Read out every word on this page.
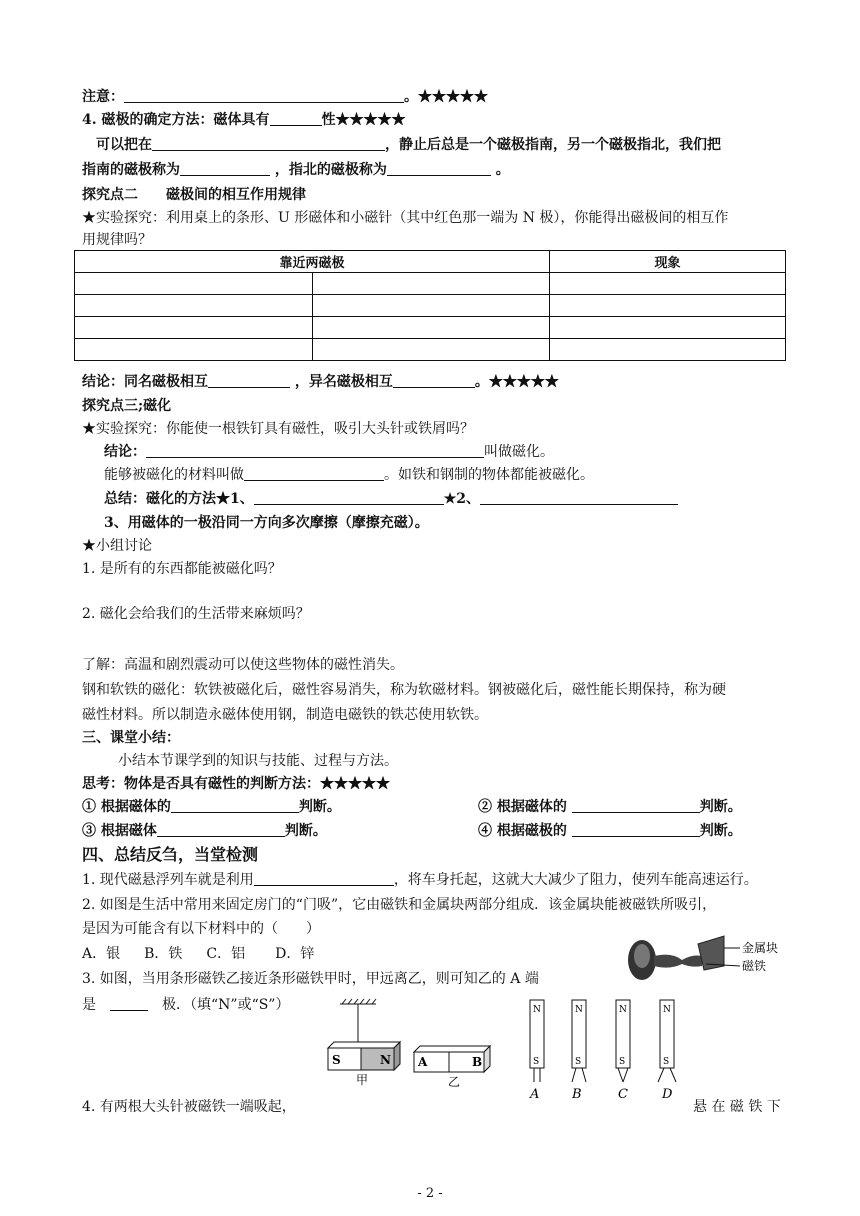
注意：	。★★★★★
4. 磁极的确定方法：磁体具有	性★★★★★
可以把在	，静止后总是一个磁极指南，另一个磁极指北，我们把
指南的磁极称为	，指北的磁极称为	。
探究点二　　磁极间的相互作用规律
★实验探究：利用桌上的条形、U 形磁体和小磁针（其中红色那一端为 N 极），你能得出磁极间的相互作
用规律吗？
靠近两磁极		现象

结论：同名磁极相互	，异名磁极相互	。★★★★★
探究点三;磁化
★实验探究：你能使一根铁钉具有磁性，吸引大头针或铁屑吗？
结论：	叫做磁化。
能够被磁化的材料叫做	。如铁和钢制的物体都能被磁化。
总结：磁化的方法★1、	★2、
3、用磁体的一极沿同一方向多次摩擦（摩擦充磁）。
★小组讨论
1. 是所有的东西都能被磁化吗？
2. 磁化会给我们的生活带来麻烦吗？
了解：高温和剧烈震动可以使这些物体的磁性消失。
钢和软铁的磁化：软铁被磁化后，磁性容易消失，称为软磁材料。钢被磁化后，磁性能长期保持，称为硬
磁性材料。所以制造永磁体使用钢，制造电磁铁的铁芯使用软铁。
三、课堂小结：
小结本节课学到的知识与技能、过程与方法。
思考：物体是否具有磁性的判断方法：★★★★★
① 根据磁体的	判断。	② 根据磁体的	判断。
③ 根据磁体	判断。	④ 根据磁极的	判断。
四、总结反刍，当堂检测
1. 现代磁悬浮列车就是利用	，将车身托起，这就大大减少了阻力，使列车能高速运行。
2. 如图是生活中常用来固定房门的“门吸”，它由磁铁和金属块两部分组成．该金属块能被磁铁所吸引，
是因为可能含有以下材料中的（　　）
A．银 B．铁 C．铝 D．锌
3. 如图，当用条形磁铁乙接近条形磁铁甲时，甲远离乙，则可知乙的 A 端
是　　	极．（填“N”或“S”）
4. 有两根大头针被磁铁一端吸起，	悬 在 磁 铁 下
金属块
磁铁
S	N
甲
A	B
乙
N
S
A
N
S
B
N
S
C
N
S
D
- 2 -
